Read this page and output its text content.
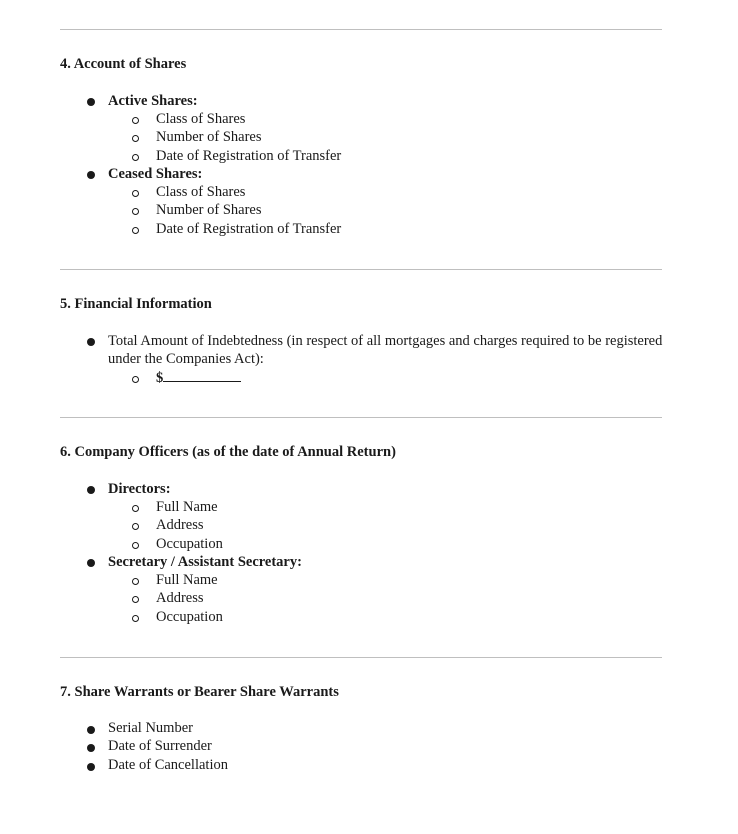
4. Account of Shares
Active Shares:
Class of Shares
Number of Shares
Date of Registration of Transfer
Ceased Shares:
Class of Shares
Number of Shares
Date of Registration of Transfer
5. Financial Information
Total Amount of Indebtedness (in respect of all mortgages and charges required to be registered under the Companies Act):
$
6. Company Officers (as of the date of Annual Return)
Directors:
Full Name
Address
Occupation
Secretary / Assistant Secretary:
Full Name
Address
Occupation
7. Share Warrants or Bearer Share Warrants
Serial Number
Date of Surrender
Date of Cancellation
